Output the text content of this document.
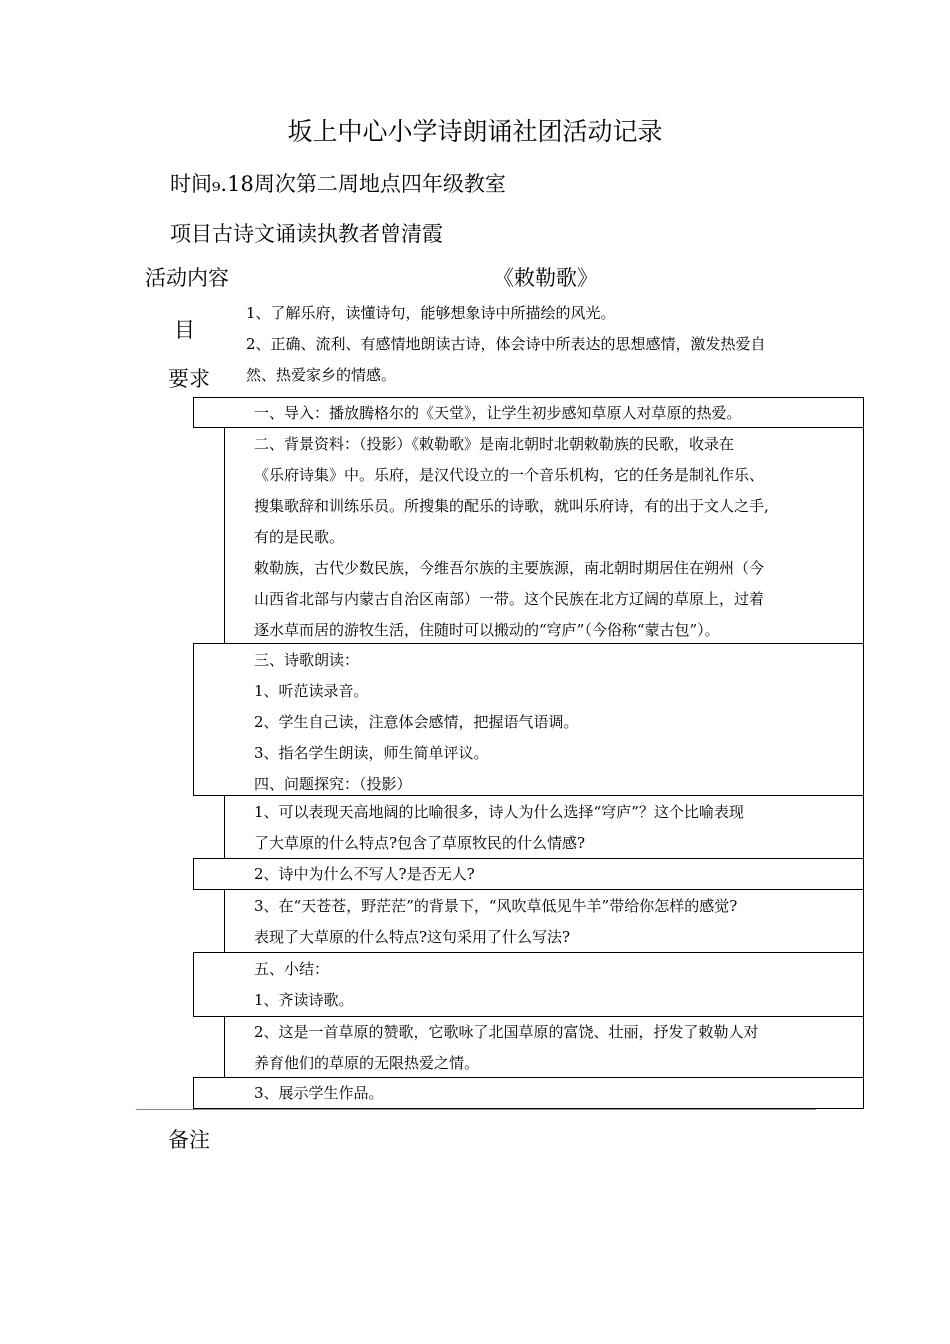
坂上中心小学诗朗诵社团活动记录
时间₉.18周次第二周地点四年级教室
项目古诗文诵读执教者曾清霞
活动内容	《敕勒歌》
目
要求
1、了解乐府，读懂诗句，能够想象诗中所描绘的风光。
2、正确、流利、有感情地朗读古诗，体会诗中所表达的思想感情，激发热爱自
然、热爱家乡的情感。
一、导入：播放腾格尔的《天堂》，让学生初步感知草原人对草原的热爱。
二、背景资料：（投影）《敕勒歌》是南北朝时北朝敕勒族的民歌，收录在
《乐府诗集》中。乐府，是汉代设立的一个音乐机构，它的任务是制礼作乐、
搜集歌辞和训练乐员。所搜集的配乐的诗歌，就叫乐府诗，有的出于文人之手,
有的是民歌。
敕勒族，古代少数民族，今维吾尔族的主要族源，南北朝时期居住在朔州（今
山西省北部与内蒙古自治区南部）一带。这个民族在北方辽阔的草原上，过着
逐水草而居的游牧生活，住随时可以搬动的“穹庐”（今俗称“蒙古包”）。
三、诗歌朗读：
1、听范读录音。
2、学生自己读，注意体会感情，把握语气语调。
3、指名学生朗读，师生简单评议。
四、问题探究：（投影）
1、可以表现天高地阔的比喻很多，诗人为什么选择“穹庐”？这个比喻表现
了大草原的什么特点?包含了草原牧民的什么情感?
2、诗中为什么不写人?是否无人?
3、在“天苍苍，野茫茫”的背景下，“风吹草低见牛羊”带给你怎样的感觉?
表现了大草原的什么特点?这句采用了什么写法?
五、小结：
1、齐读诗歌。
2、这是一首草原的赞歌，它歌咏了北国草原的富饶、壮丽，抒发了敕勒人对
养育他们的草原的无限热爱之情。
3、展示学生作品。
备注
